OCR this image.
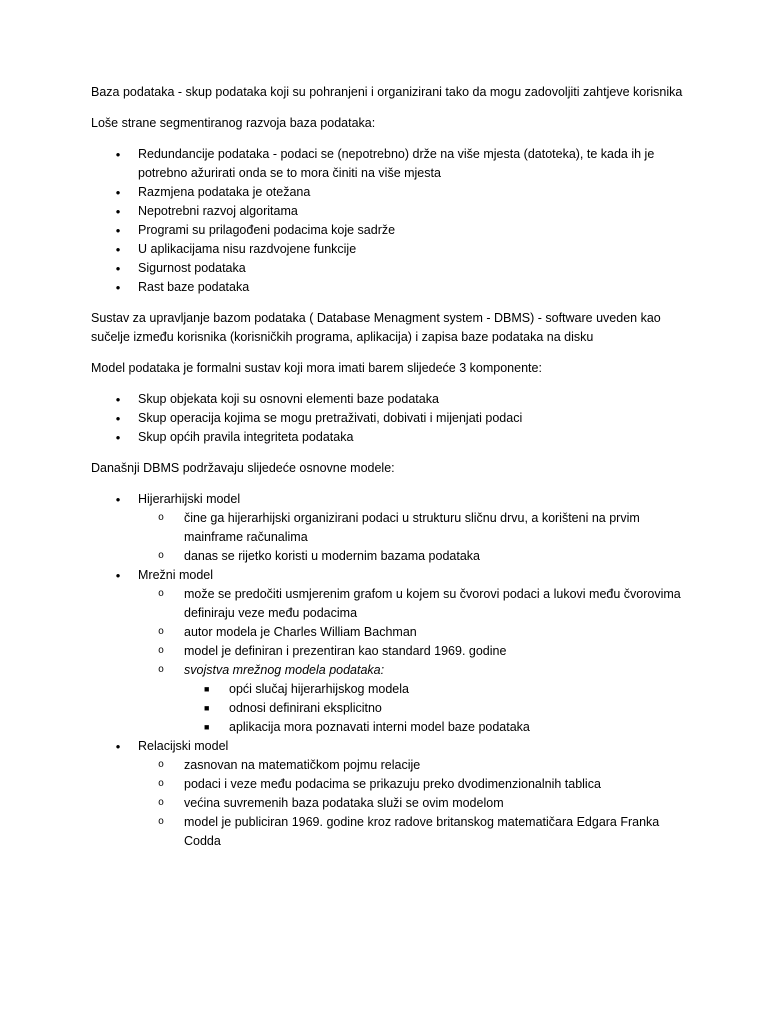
Baza podataka - skup podataka koji su pohranjeni i organizirani tako da mogu zadovoljiti zahtjeve korisnika

Loše strane segmentiranog razvoja baza podataka:

• Redundancije podataka - podaci se (nepotrebno) drže na više mjesta (datoteka), te kada ih je potrebno ažurirati onda se to mora činiti na više mjesta
• Razmjena podataka je otežana
• Nepotrebni razvoj algoritama
• Programi su prilagođeni podacima koje sadrže
• U aplikacijama nisu razdvojene funkcije
• Sigurnost podataka
• Rast baze podataka

Sustav za upravljanje bazom podataka ( Database Menagment system - DBMS) - software uveden kao sučelje između korisnika (korisničkih programa, aplikacija) i zapisa baze podataka na disku

Model podataka je formalni sustav koji mora imati barem slijedeće 3 komponente:

• Skup objekata koji su osnovni elementi baze podataka
• Skup operacija kojima se mogu pretraživati, dobivati i mijenjati podaci
• Skup općih pravila integriteta podataka

Današnji DBMS podržavaju slijedeće osnovne modele:

• Hijerarhijski model
o čine ga hijerarhijski organizirani podaci u strukturu sličnu drvu, a korišteni na prvim mainframe računalima
o danas se rijetko koristi u modernim bazama podataka
• Mrežni model
o može se predočiti usmjerenim grafom u kojem su čvorovi podaci a lukovi među čvorovima definiraju veze među podacima
o autor modela je Charles William Bachman
o model je definiran i prezentiran kao standard 1969. godine
o svojstva mrežnog modela podataka:
■ opći slučaj hijerarhijskog modela
■ odnosi definirani eksplicitno
■ aplikacija mora poznavati interni model baze podataka
• Relacijski model
o zasnovan na matematičkom pojmu relacije
o podaci i veze među podacima se prikazuju preko dvodimenzionalnih tablica
o većina suvremenih baza podataka služi se ovim modelom
o model je publiciran 1969. godine kroz radove britanskog matematičara Edgara Franka Codda
